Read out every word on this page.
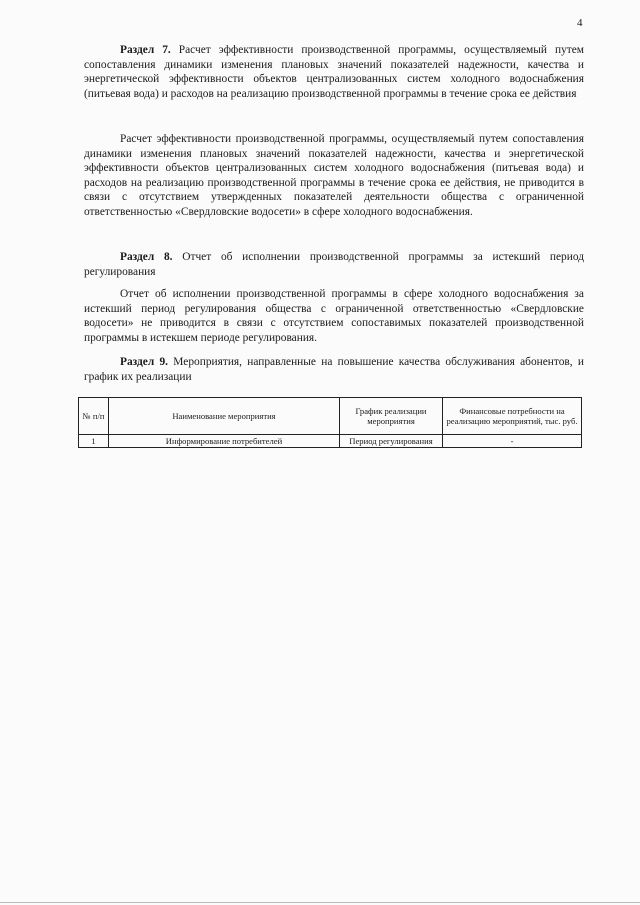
4
Раздел 7. Расчет эффективности производственной программы, осуществляемый путем сопоставления динамики изменения плановых значений показателей надежности, качества и энергетической эффективности объектов централизованных систем холодного водоснабжения (питьевая вода) и расходов на реализацию производственной программы в течение срока ее действия
Расчет эффективности производственной программы, осуществляемый путем сопоставления динамики изменения плановых значений показателей надежности, качества и энергетической эффективности объектов централизованных систем холодного водоснабжения (питьевая вода) и расходов на реализацию производственной программы в течение срока ее действия, не приводится в связи с отсутствием утвержденных показателей деятельности общества с ограниченной ответственностью «Свердловские водосети» в сфере холодного водоснабжения.
Раздел 8. Отчет об исполнении производственной программы за истекший период регулирования
Отчет об исполнении производственной программы в сфере холодного водоснабжения за истекший период регулирования общества с ограниченной ответственностью «Свердловские водосети» не приводится в связи с отсутствием сопоставимых показателей производственной программы в истекшем периоде регулирования.
Раздел 9. Мероприятия, направленные на повышение качества обслуживания абонентов, и график их реализации
№ п/п	Наименование мероприятия	График реализации мероприятия	Финансовые потребности на реализацию мероприятий, тыс. руб.
1	Информирование потребителей	Период регулирования	-
